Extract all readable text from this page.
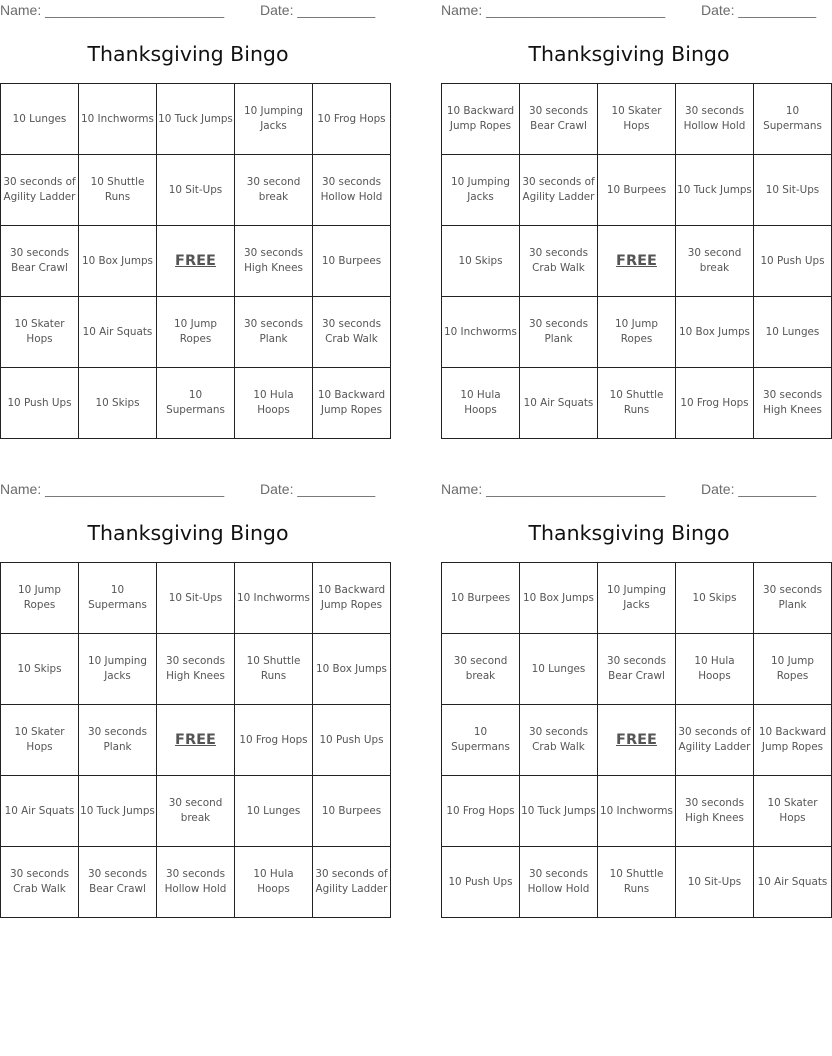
Name: _______________________	Date: __________
Thanksgiving Bingo
10 Lunges	10 Inchworms	10 Tuck Jumps	10 Jumping Jacks	10 Frog Hops
30 seconds of Agility Ladder	10 Shuttle Runs	10 Sit-Ups	30 second break	30 seconds Hollow Hold
30 seconds Bear Crawl	10 Box Jumps	FREE	30 seconds High Knees	10 Burpees
10 Skater Hops	10 Air Squats	10 Jump Ropes	30 seconds Plank	30 seconds Crab Walk
10 Push Ups	10 Skips	10 Supermans	10 Hula Hoops	10 Backward Jump Ropes
Name: _______________________	Date: __________
Thanksgiving Bingo
10 Backward Jump Ropes	30 seconds Bear Crawl	10 Skater Hops	30 seconds Hollow Hold	10 Supermans
10 Jumping Jacks	30 seconds of Agility Ladder	10 Burpees	10 Tuck Jumps	10 Sit-Ups
10 Skips	30 seconds Crab Walk	FREE	30 second break	10 Push Ups
10 Inchworms	30 seconds Plank	10 Jump Ropes	10 Box Jumps	10 Lunges
10 Hula Hoops	10 Air Squats	10 Shuttle Runs	10 Frog Hops	30 seconds High Knees
Name: _______________________	Date: __________
Thanksgiving Bingo
10 Jump Ropes	10 Supermans	10 Sit-Ups	10 Inchworms	10 Backward Jump Ropes
10 Skips	10 Jumping Jacks	30 seconds High Knees	10 Shuttle Runs	10 Box Jumps
10 Skater Hops	30 seconds Plank	FREE	10 Frog Hops	10 Push Ups
10 Air Squats	10 Tuck Jumps	30 second break	10 Lunges	10 Burpees
30 seconds Crab Walk	30 seconds Bear Crawl	30 seconds Hollow Hold	10 Hula Hoops	30 seconds of Agility Ladder
Name: _______________________	Date: __________
Thanksgiving Bingo
10 Burpees	10 Box Jumps	10 Jumping Jacks	10 Skips	30 seconds Plank
30 second break	10 Lunges	30 seconds Bear Crawl	10 Hula Hoops	10 Jump Ropes
10 Supermans	30 seconds Crab Walk	FREE	30 seconds of Agility Ladder	10 Backward Jump Ropes
10 Frog Hops	10 Tuck Jumps	10 Inchworms	30 seconds High Knees	10 Skater Hops
10 Push Ups	30 seconds Hollow Hold	10 Shuttle Runs	10 Sit-Ups	10 Air Squats
